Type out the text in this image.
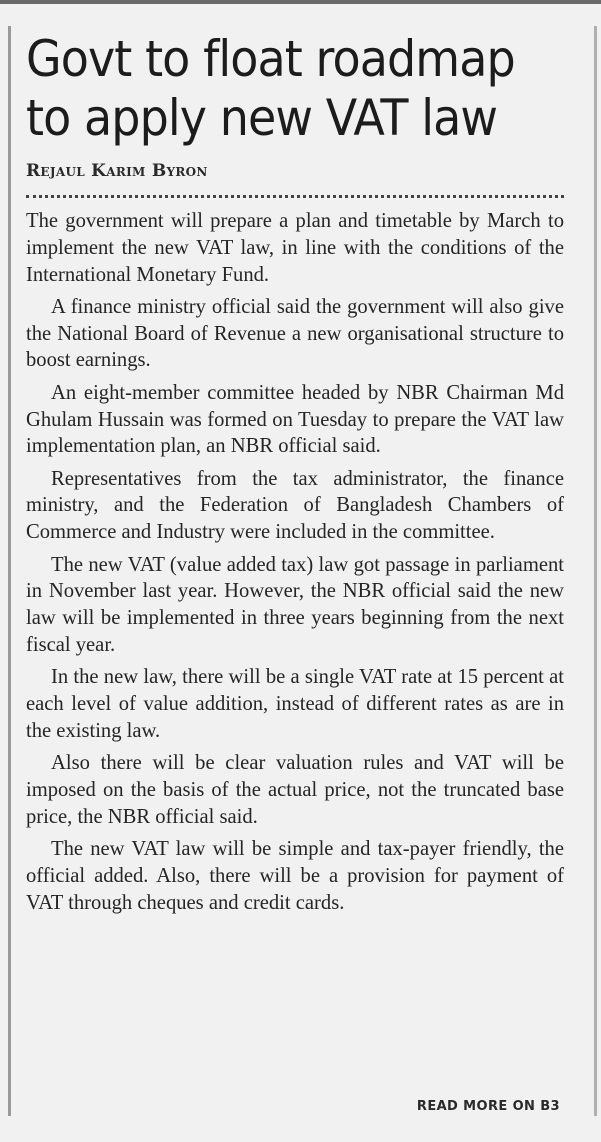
Govt to float roadmap
to apply new VAT law
Rejaul Karim Byron

The government will prepare a plan and timetable by March to implement the new VAT law, in line with the conditions of the International Monetary Fund.

A finance ministry official said the government will also give the National Board of Revenue a new organisational structure to boost earnings.

An eight-member committee headed by NBR Chairman Md Ghulam Hussain was formed on Tuesday to prepare the VAT law implementation plan, an NBR official said.

Representatives from the tax administrator, the finance ministry, and the Federation of Bangladesh Chambers of Commerce and Industry were included in the committee.

The new VAT (value added tax) law got passage in parliament in November last year. However, the NBR official said the new law will be implemented in three years beginning from the next fiscal year.

In the new law, there will be a single VAT rate at 15 percent at each level of value addition, instead of different rates as are in the existing law.

Also there will be clear valuation rules and VAT will be imposed on the basis of the actual price, not the truncated base price, the NBR official said.

The new VAT law will be simple and tax-payer friendly, the official added. Also, there will be a provision for payment of VAT through cheques and credit cards.

READ MORE ON B3
